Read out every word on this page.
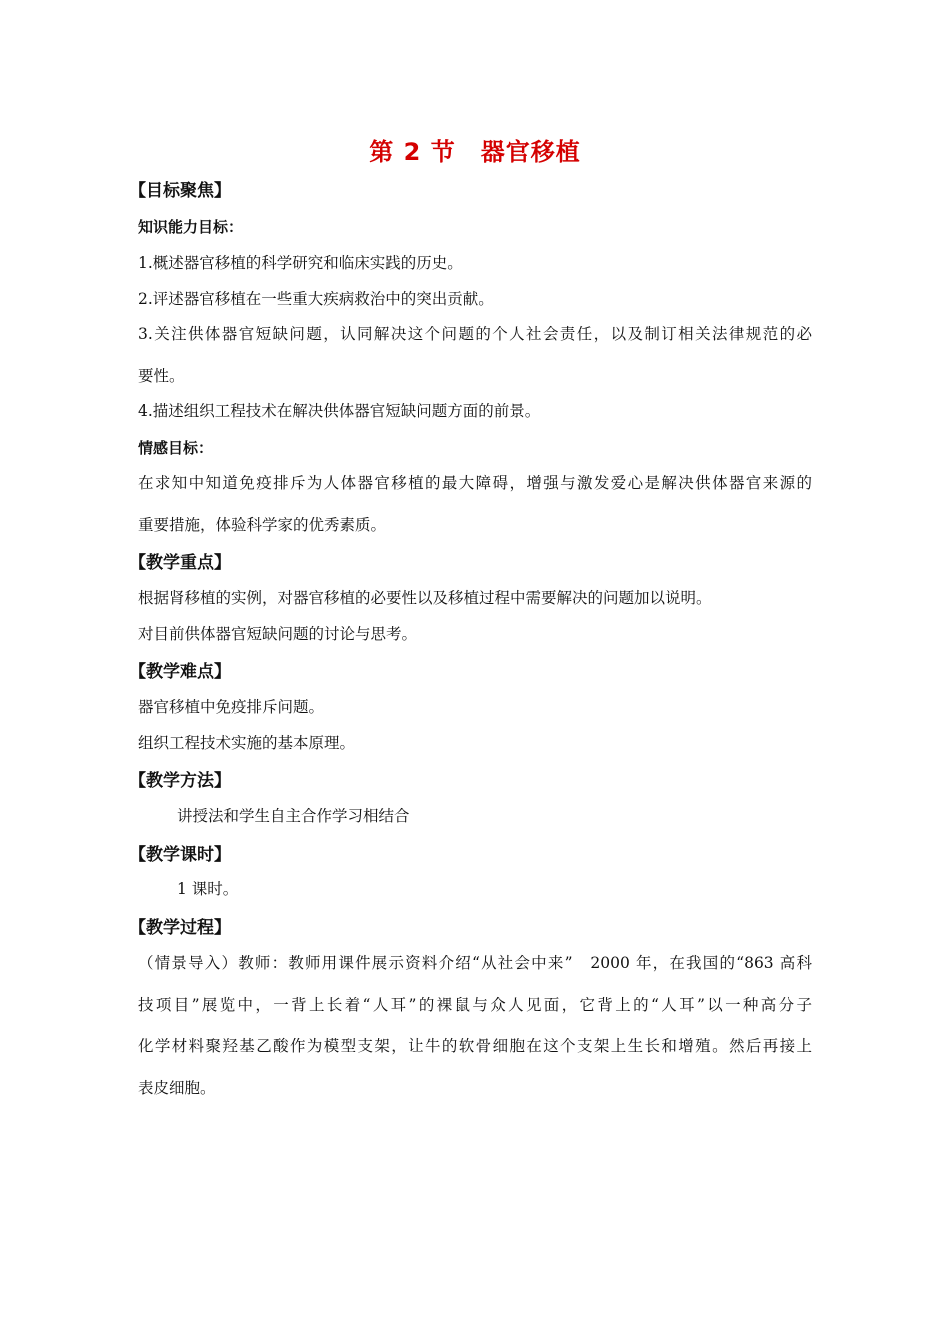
第 2 节　器官移植
【目标聚焦】
知识能力目标：
1.概述器官移植的科学研究和临床实践的历史。
2.评述器官移植在一些重大疾病救治中的突出贡献。
3.关注供体器官短缺问题，认同解决这个问题的个人社会责任，以及制订相关法律规范的必
要性。
4.描述组织工程技术在解决供体器官短缺问题方面的前景。
情感目标：
在求知中知道免疫排斥为人体器官移植的最大障碍，增强与激发爱心是解决供体器官来源的
重要措施，体验科学家的优秀素质。
【教学重点】
根据肾移植的实例，对器官移植的必要性以及移植过程中需要解决的问题加以说明。
对目前供体器官短缺问题的讨论与思考。
【教学难点】
器官移植中免疫排斥问题。
组织工程技术实施的基本原理。
【教学方法】
讲授法和学生自主合作学习相结合
【教学课时】
1 课时。
【教学过程】
（情景导入）教师：教师用课件展示资料介绍“从社会中来”　2000 年，在我国的“863 高科
技项目”展览中，一背上长着“人耳”的裸鼠与众人见面，它背上的“人耳”以一种高分子
化学材料聚羟基乙酸作为模型支架，让牛的软骨细胞在这个支架上生长和增殖。然后再接上
表皮细胞。
